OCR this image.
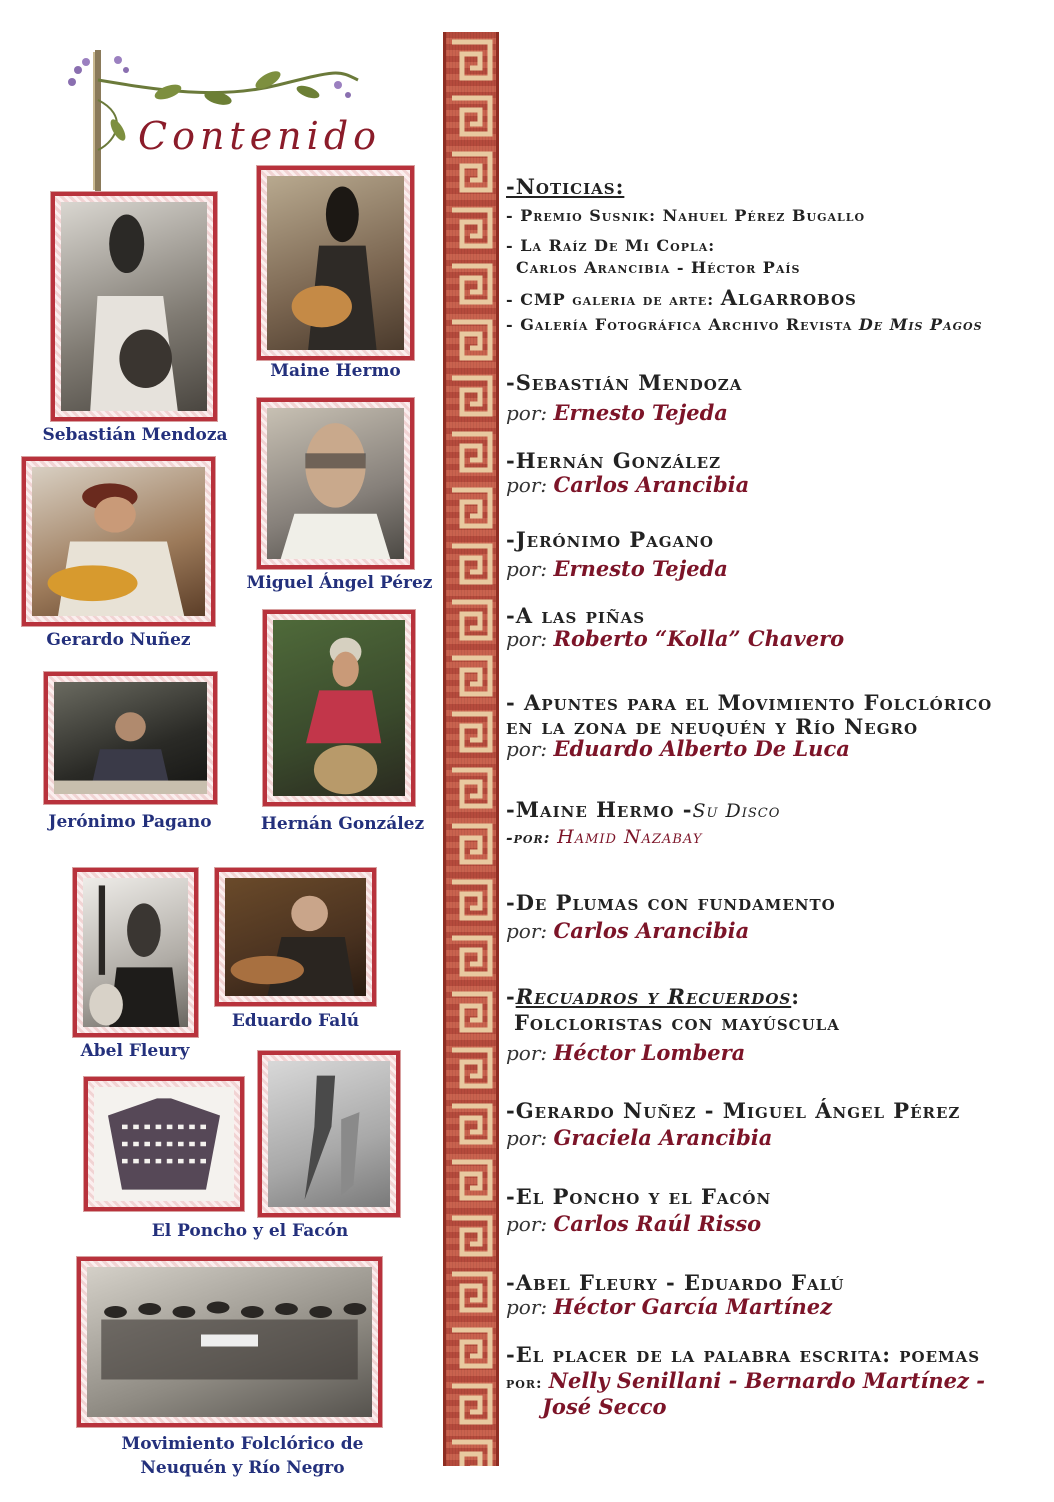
Contenido
Sebastián Mendoza
Maine Hermo
Miguel Ángel Pérez
Gerardo Nuñez
Jerónimo Pagano	Hernán González
Abel Fleury
Eduardo Falú
El Poncho y el Facón
Movimiento Folclórico de
Neuquén y Río Negro
-Noticias:
- Premio Susnik: Nahuel Pérez Bugallo
- La Raíz De Mi Copla:
Carlos Arancibia - Héctor País
- CMP galeria de arte: Algarrobos
- Galería Fotográfica Archivo Revista De Mis Pagos
-Sebastián Mendoza
por: Ernesto Tejeda
-Hernán González
por: Carlos Arancibia
-Jerónimo Pagano
por: Ernesto Tejeda
-A las piñas
por: Roberto “Kolla” Chavero
- Apuntes para el Movimiento Folclórico
en la zona de neuquén y Río Negro
por: Eduardo Alberto De Luca
-Maine Hermo -Su Disco
-por: Hamid Nazabay
-De Plumas con fundamento
por: Carlos Arancibia
-Recuadros y Recuerdos:
Folcloristas con mayúscula
por: Héctor Lombera
-Gerardo Nuñez - Miguel Ángel Pérez
por: Graciela Arancibia
-El Poncho y el Facón
por: Carlos Raúl Risso
-Abel Fleury - Eduardo Falú
por: Héctor García Martínez
-El placer de la palabra escrita: poemas
por: Nelly Senillani - Bernardo Martínez -
José Secco
